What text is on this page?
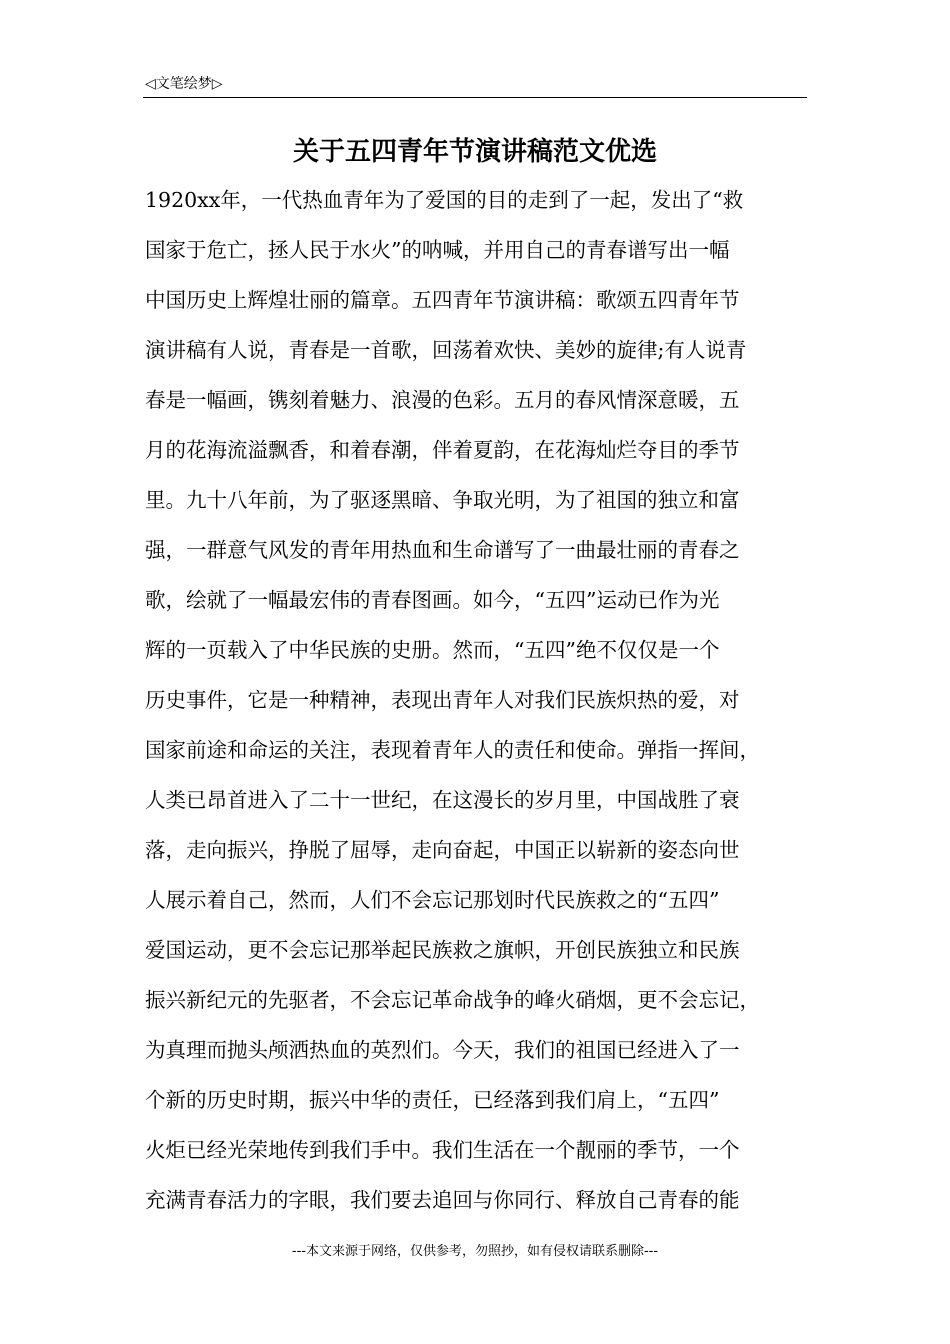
◁文笔绘梦▷
关于五四青年节演讲稿范文优选
1920xx年，一代热血青年为了爱国的目的走到了一起，发出了“救
国家于危亡，拯人民于水火”的呐喊，并用自己的青春谱写出一幅
中国历史上辉煌壮丽的篇章。五四青年节演讲稿：歌颂五四青年节
演讲稿有人说，青春是一首歌，回荡着欢快、美妙的旋律;有人说青
春是一幅画，镌刻着魅力、浪漫的色彩。五月的春风情深意暖，五
月的花海流溢飘香，和着春潮，伴着夏韵，在花海灿烂夺目的季节
里。九十八年前，为了驱逐黑暗、争取光明，为了祖国的独立和富
强，一群意气风发的青年用热血和生命谱写了一曲最壮丽的青春之
歌，绘就了一幅最宏伟的青春图画。如今，“五四”运动已作为光
辉的一页载入了中华民族的史册。然而，“五四”绝不仅仅是一个
历史事件，它是一种精神，表现出青年人对我们民族炽热的爱，对
国家前途和命运的关注，表现着青年人的责任和使命。弹指一挥间，
人类已昂首进入了二十一世纪，在这漫长的岁月里，中国战胜了衰
落，走向振兴，挣脱了屈辱，走向奋起，中国正以崭新的姿态向世
人展示着自己，然而，人们不会忘记那划时代民族救之的“五四”
爱国运动，更不会忘记那举起民族救之旗帜，开创民族独立和民族
振兴新纪元的先驱者，不会忘记革命战争的峰火硝烟，更不会忘记，
为真理而抛头颅洒热血的英烈们。今天，我们的祖国已经进入了一
个新的历史时期，振兴中华的责任，已经落到我们肩上，“五四”
火炬已经光荣地传到我们手中。我们生活在一个靓丽的季节，一个
充满青春活力的字眼，我们要去追回与你同行、释放自己青春的能
---本文来源于网络，仅供参考，勿照抄，如有侵权请联系删除---
